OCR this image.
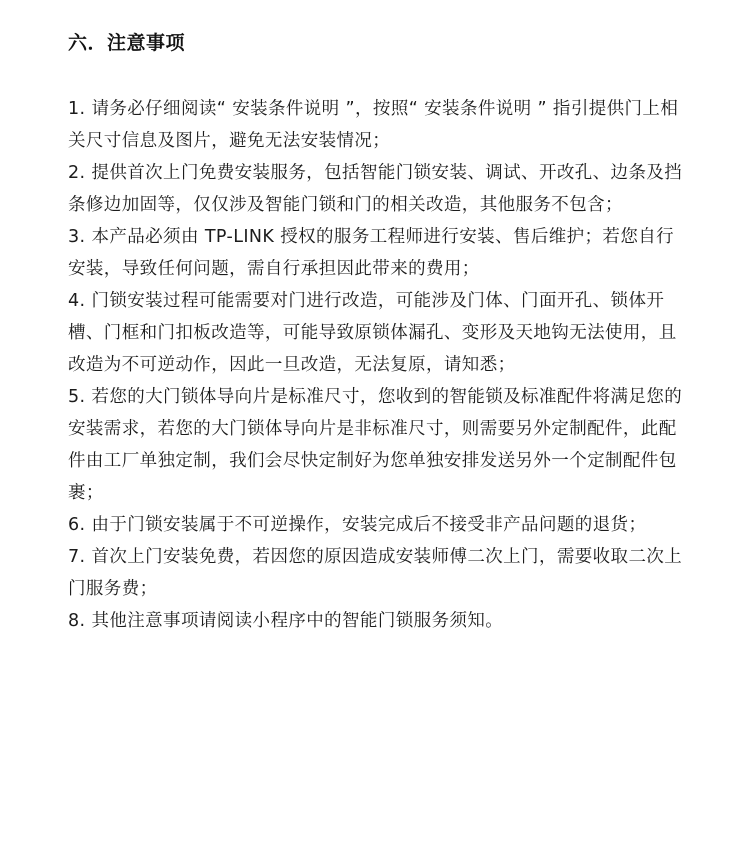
六．注意事项
1. 请务必仔细阅读“ 安装条件说明 ”，按照“ 安装条件说明 ” 指引提供门上相关尺寸信息及图片，避免无法安装情况；
2. 提供首次上门免费安装服务，包括智能门锁安装、调试、开改孔、边条及挡条修边加固等，仅仅涉及智能门锁和门的相关改造，其他服务不包含；
3. 本产品必须由 TP-LINK 授权的服务工程师进行安装、售后维护；若您自行安装，导致任何问题，需自行承担因此带来的费用；
4. 门锁安装过程可能需要对门进行改造，可能涉及门体、门面开孔、锁体开槽、门框和门扣板改造等，可能导致原锁体漏孔、变形及天地钩无法使用，且改造为不可逆动作，因此一旦改造，无法复原，请知悉；
5. 若您的大门锁体导向片是标准尺寸，您收到的智能锁及标准配件将满足您的安装需求，若您的大门锁体导向片是非标准尺寸，则需要另外定制配件，此配件由工厂单独定制，我们会尽快定制好为您单独安排发送另外一个定制配件包裹；
6. 由于门锁安装属于不可逆操作，安装完成后不接受非产品问题的退货；
7. 首次上门安装免费，若因您的原因造成安装师傅二次上门，需要收取二次上门服务费；
8. 其他注意事项请阅读小程序中的智能门锁服务须知。
